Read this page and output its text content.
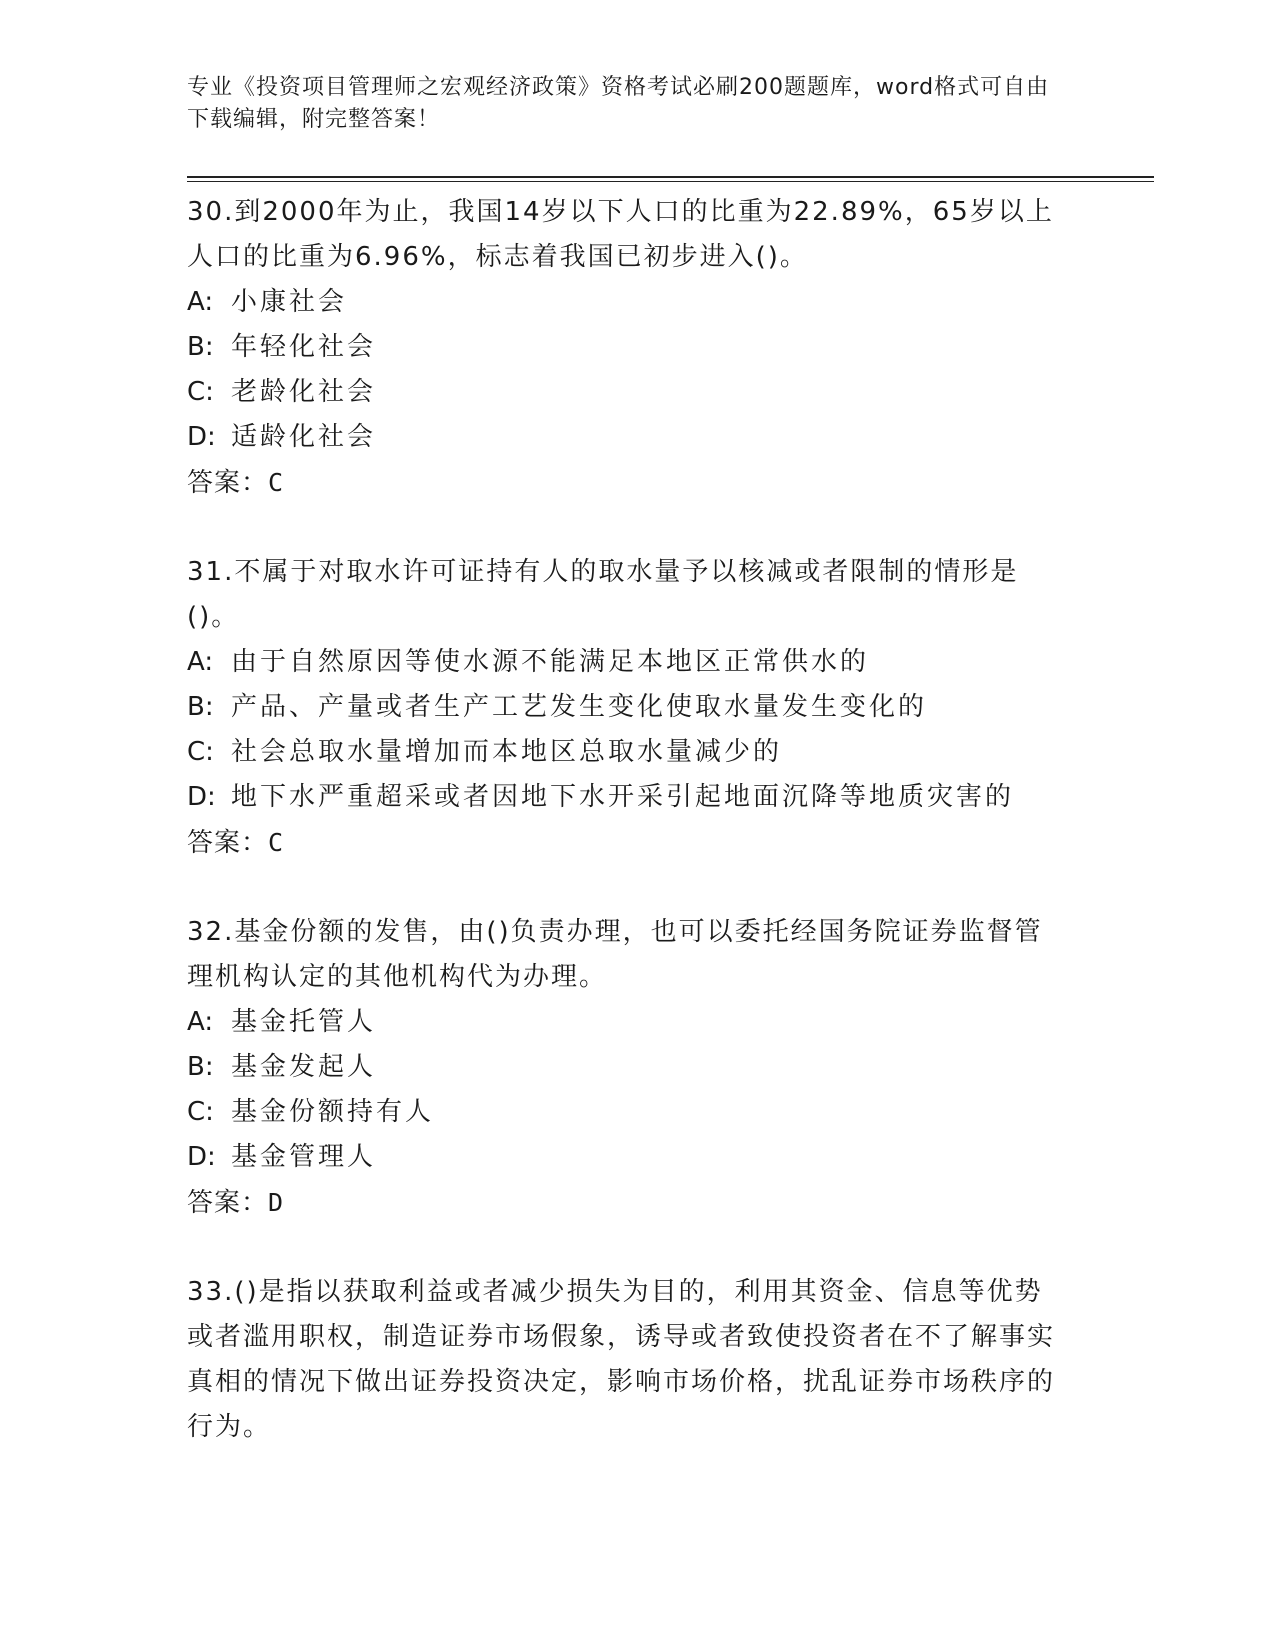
专业《投资项目管理师之宏观经济政策》资格考试必刷200题题库，word格式可自由下载编辑，附完整答案！

30.到2000年为止，我国14岁以下人口的比重为22.89%，65岁以上人口的比重为6.96%，标志着我国已初步进入()。

A: 小康社会

B: 年轻化社会

C: 老龄化社会

D: 适龄化社会

答案：C

31.不属于对取水许可证持有人的取水量予以核减或者限制的情形是()。

A: 由于自然原因等使水源不能满足本地区正常供水的

B: 产品、产量或者生产工艺发生变化使取水量发生变化的

C: 社会总取水量增加而本地区总取水量减少的

D: 地下水严重超采或者因地下水开采引起地面沉降等地质灾害的

答案：C

32.基金份额的发售，由()负责办理，也可以委托经国务院证券监督管理机构认定的其他机构代为办理。

A: 基金托管人

B: 基金发起人

C: 基金份额持有人

D: 基金管理人

答案：D

33.()是指以获取利益或者减少损失为目的，利用其资金、信息等优势或者滥用职权，制造证券市场假象，诱导或者致使投资者在不了解事实真相的情况下做出证券投资决定，影响市场价格，扰乱证券市场秩序的行为。
